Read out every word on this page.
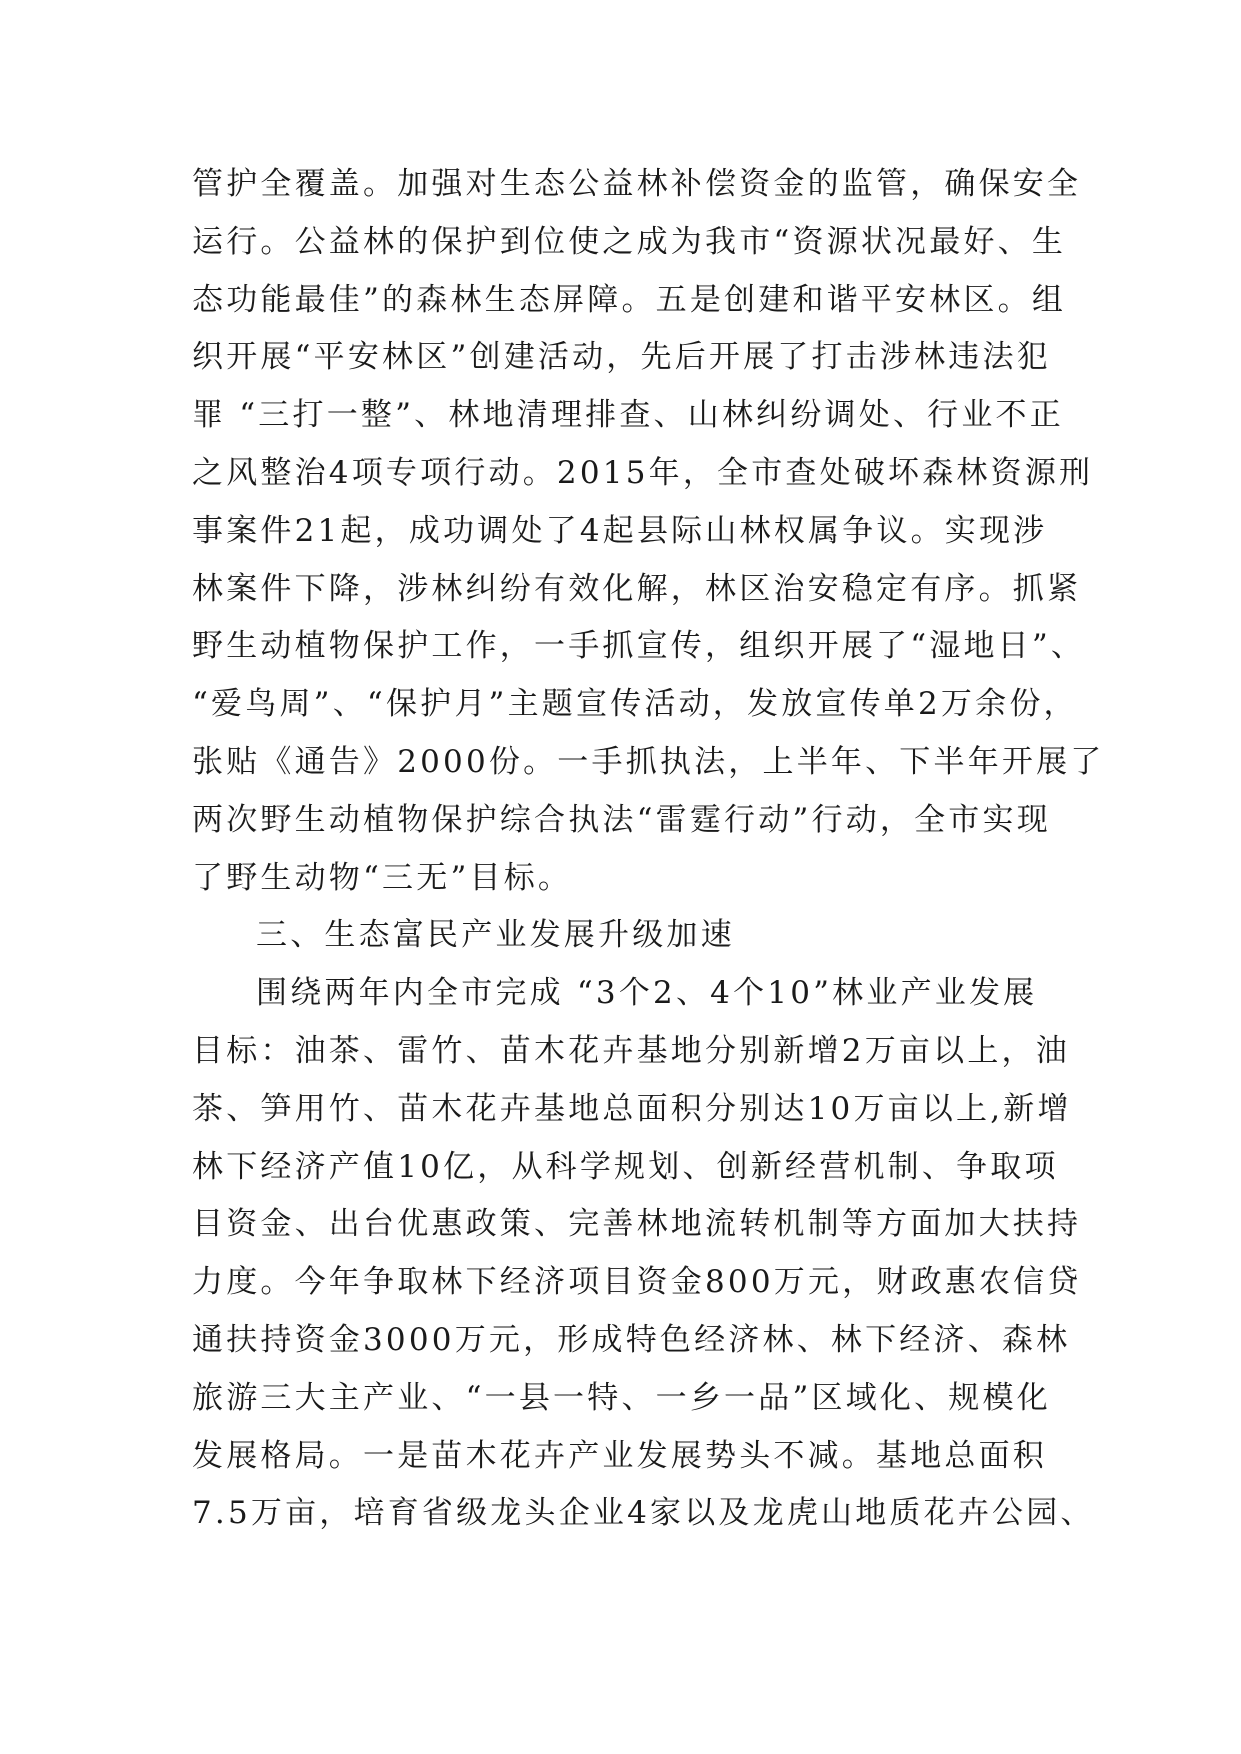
管护全覆盖。加强对生态公益林补偿资金的监管，确保安全
运行。公益林的保护到位使之成为我市“资源状况最好、生
态功能最佳”的森林生态屏障。五是创建和谐平安林区。组
织开展“平安林区”创建活动，先后开展了打击涉林违法犯
罪 “三打一整”、林地清理排查、山林纠纷调处、行业不正
之风整治4项专项行动。2015年，全市查处破坏森林资源刑
事案件21起，成功调处了4起县际山林权属争议。实现涉
林案件下降，涉林纠纷有效化解，林区治安稳定有序。抓紧
野生动植物保护工作，一手抓宣传，组织开展了“湿地日”、
“爱鸟周”、“保护月”主题宣传活动，发放宣传单2万余份，
张贴《通告》2000份。一手抓执法，上半年、下半年开展了
两次野生动植物保护综合执法“雷霆行动”行动，全市实现
了野生动物“三无”目标。
三、生态富民产业发展升级加速
围绕两年内全市完成 “3个2、4个10”林业产业发展
目标：油茶、雷竹、苗木花卉基地分别新增2万亩以上，油
茶、笋用竹、苗木花卉基地总面积分别达10万亩以上,新增
林下经济产值10亿，从科学规划、创新经营机制、争取项
目资金、出台优惠政策、完善林地流转机制等方面加大扶持
力度。今年争取林下经济项目资金800万元，财政惠农信贷
通扶持资金3000万元，形成特色经济林、林下经济、森林
旅游三大主产业、“一县一特、一乡一品”区域化、规模化
发展格局。一是苗木花卉产业发展势头不减。基地总面积
7.5万亩，培育省级龙头企业4家以及龙虎山地质花卉公园、
